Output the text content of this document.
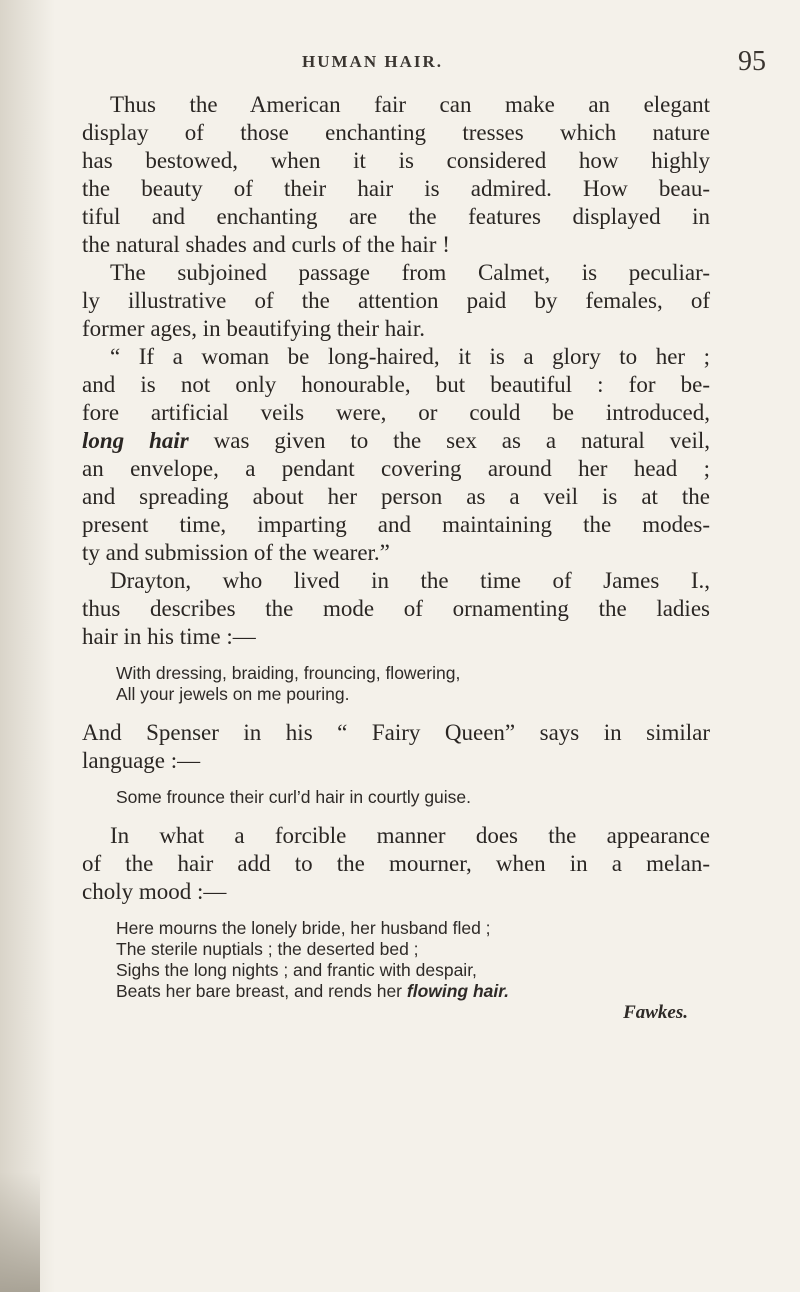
HUMAN HAIR.	95
Thus the American fair can make an elegant
display of those enchanting tresses which nature
has bestowed, when it is considered how highly
the beauty of their hair is admired. How beau-
tiful and enchanting are the features displayed in
the natural shades and curls of the hair !
The subjoined passage from Calmet, is peculiar-
ly illustrative of the attention paid by females, of
former ages, in beautifying their hair.
“ If a woman be long-haired, it is a glory to her ;
and is not only honourable, but beautiful : for be-
fore artificial veils were, or could be introduced,
long hair was given to the sex as a natural veil,
an envelope, a pendant covering around her head ;
and spreading about her person as a veil is at the
present time, imparting and maintaining the modes-
ty and submission of the wearer.”
Drayton, who lived in the time of James I.,
thus describes the mode of ornamenting the ladies
hair in his time :—
With dressing, braiding, frouncing, flowering,
All your jewels on me pouring.
And Spenser in his “ Fairy Queen” says in similar
language :—
Some frounce their curl’d hair in courtly guise.
In what a forcible manner does the appearance
of the hair add to the mourner, when in a melan-
choly mood :—
Here mourns the lonely bride, her husband fled ;
The sterile nuptials ; the deserted bed ;
Sighs the long nights ; and frantic with despair,
Beats her bare breast, and rends her flowing hair.
Fawkes.
